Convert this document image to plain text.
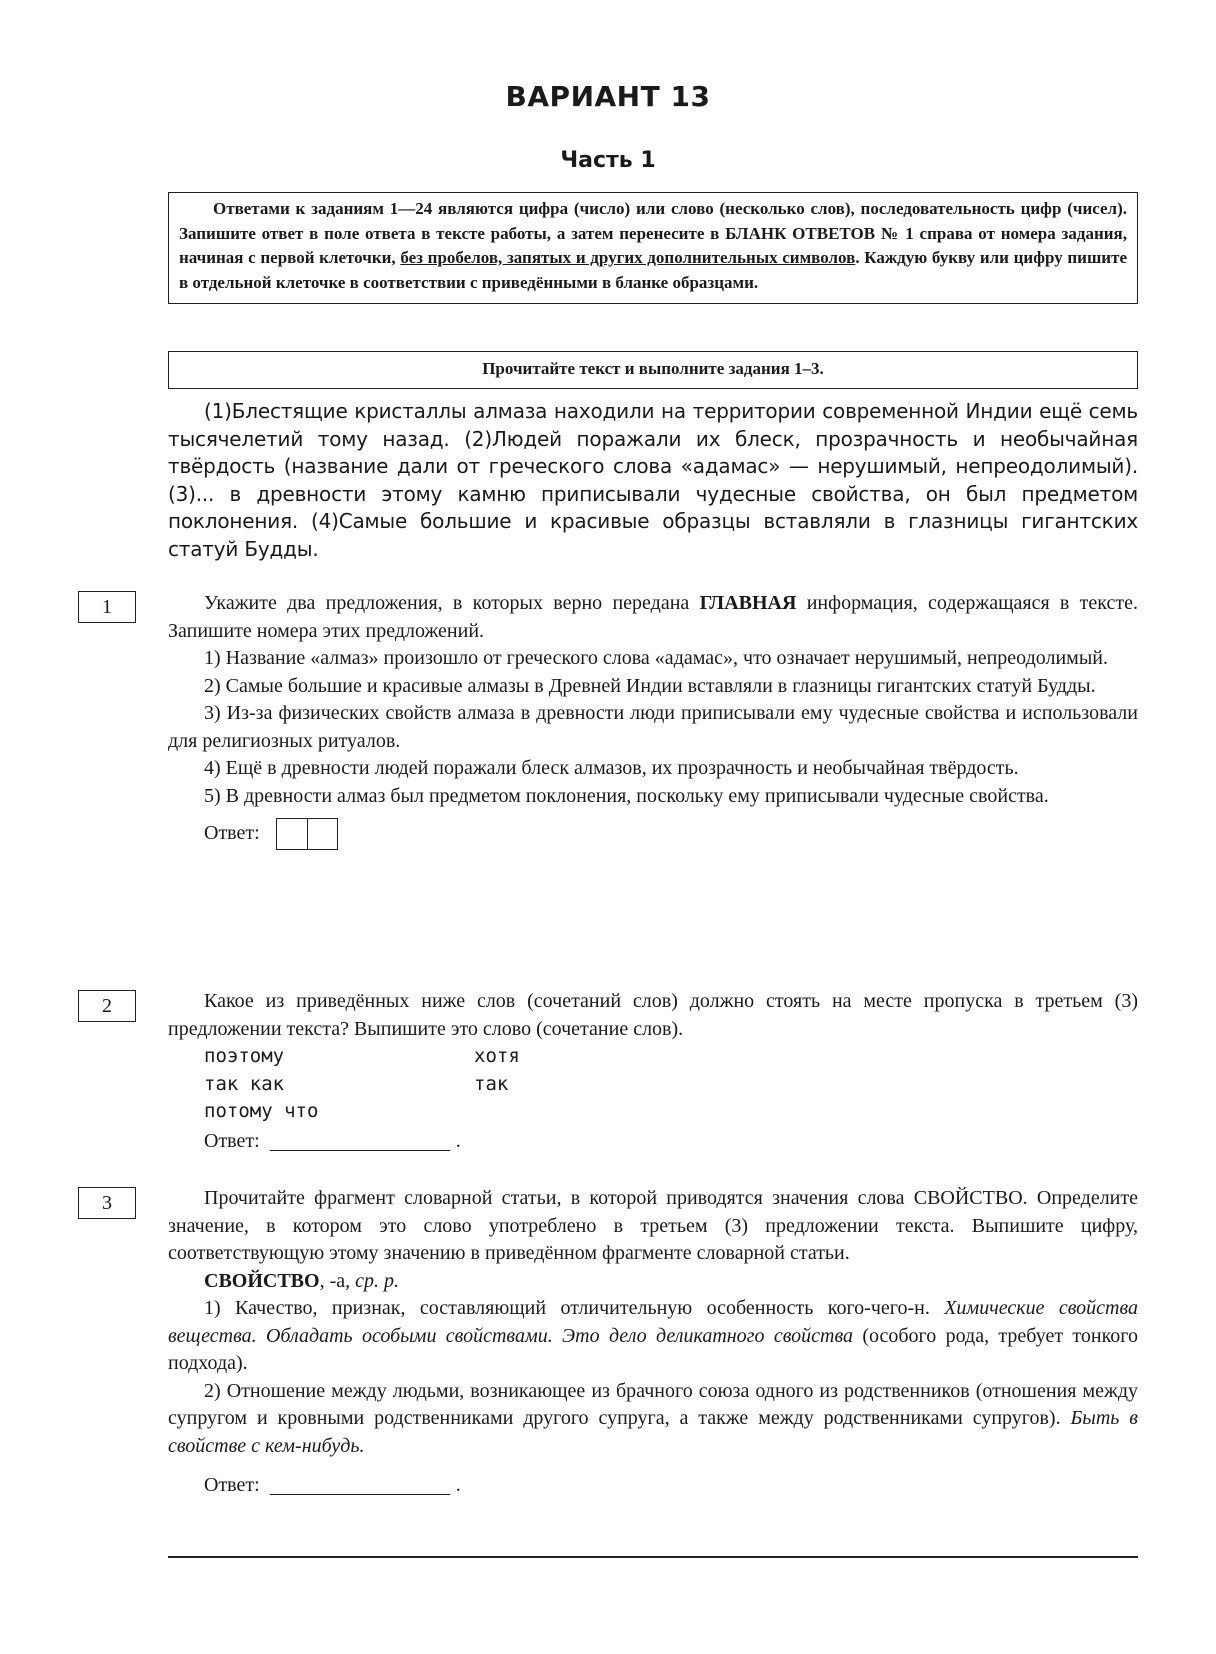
ВАРИАНТ 13
Часть 1
Ответами к заданиям 1—24 являются цифра (число) или слово (несколько слов), последовательность цифр (чисел). Запишите ответ в поле ответа в тексте работы, а затем перенесите в БЛАНК ОТВЕТОВ № 1 справа от номера задания, начиная с первой клеточки, без пробелов, запятых и других дополнительных символов. Каждую букву или цифру пишите в отдельной клеточке в соответствии с приведёнными в бланке образцами.
Прочитайте текст и выполните задания 1–3.
(1)Блестящие кристаллы алмаза находили на территории современной Индии ещё семь тысячелетий тому назад. (2)Людей поражали их блеск, прозрачность и необычайная твёрдость (название дали от греческого слова «адамас» — нерушимый, непреодолимый). (3)... в древности этому камню приписывали чудесные свойства, он был предметом поклонения. (4)Самые большие и красивые образцы вставляли в глазницы гигантских статуй Будды.
1	Укажите два предложения, в которых верно передана ГЛАВНАЯ информация, содержащаяся в тексте. Запишите номера этих предложений.

1) Название «алмаз» произошло от греческого слова «адамас», что означает нерушимый, непреодолимый.

2) Самые большие и красивые алмазы в Древней Индии вставляли в глазницы гигантских статуй Будды.

3) Из-за физических свойств алмаза в древности люди приписывали ему чудесные свойства и использовали для религиозных ритуалов.

4) Ещё в древности людей поражали блеск алмазов, их прозрачность и необычайная твёрдость.

5) В древности алмаз был предметом поклонения, поскольку ему приписывали чудесные свойства.

Ответ:
2	Какое из приведённых ниже слов (сочетаний слов) должно стоять на месте пропуска в третьем (3) предложении текста? Выпишите это слово (сочетание слов).

поэтому	хотя
так как	так
потому что
Ответ:	.
3	Прочитайте фрагмент словарной статьи, в которой приводятся значения слова СВОЙСТВО. Определите значение, в котором это слово употреблено в третьем (3) предложении текста. Выпишите цифру, соответствующую этому значению в приведённом фрагменте словарной статьи.

СВОЙСТВО, -а, ср. р.

1) Качество, признак, составляющий отличительную особенность кого-чего-н. Химические свойства вещества. Обладать особыми свойствами. Это дело деликатного свойства (особого рода, требует тонкого подхода).

2) Отношение между людьми, возникающее из брачного союза одного из родственников (отношения между супругом и кровными родственниками другого супруга, а также между родственниками супругов). Быть в свойстве с кем-нибудь.

Ответ:	.
